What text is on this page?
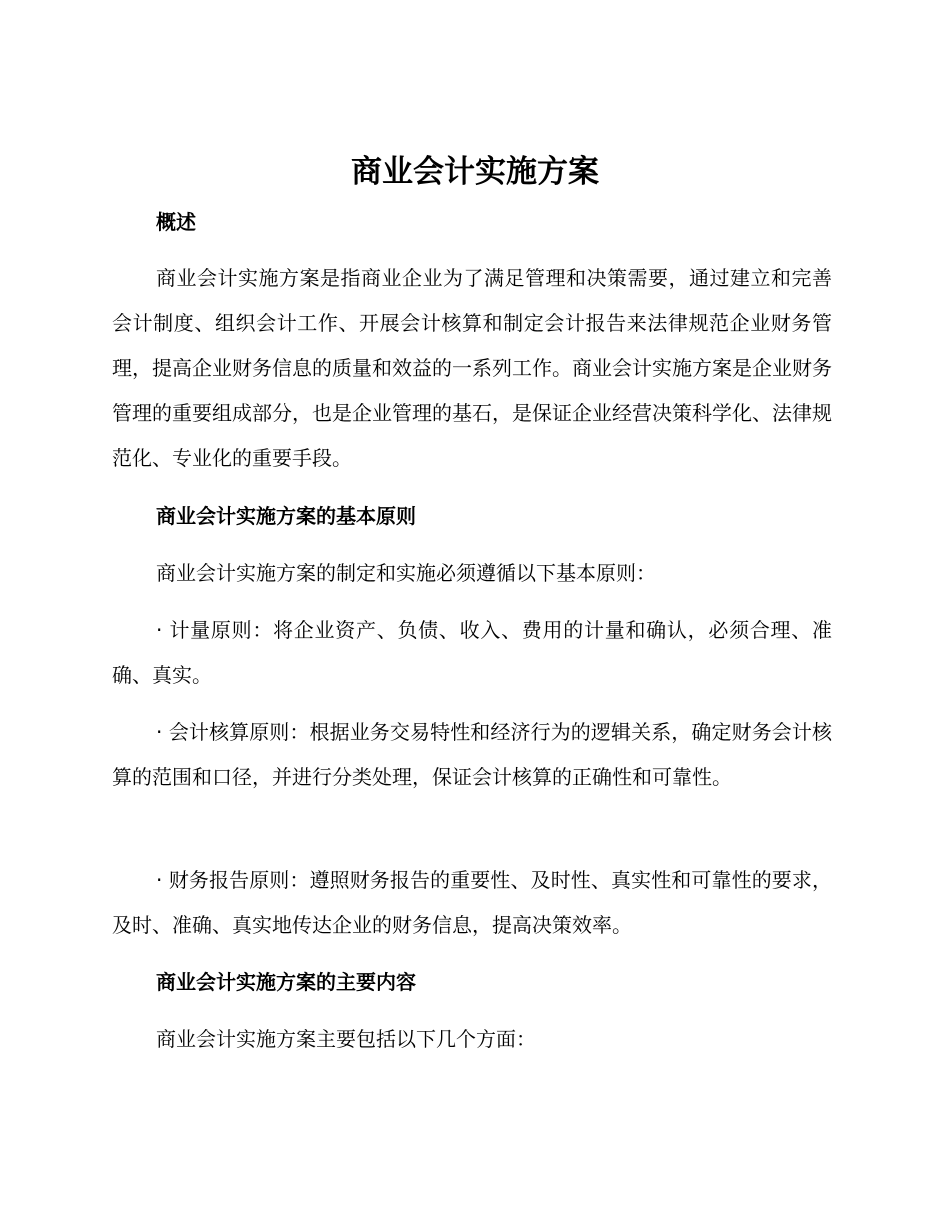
商业会计实施方案

概述

商业会计实施方案是指商业企业为了满足管理和决策需要，通过建立和完善会计制度、组织会计工作、开展会计核算和制定会计报告来法律规范企业财务管理，提高企业财务信息的质量和效益的一系列工作。商业会计实施方案是企业财务管理的重要组成部分，也是企业管理的基石，是保证企业经营决策科学化、法律规范化、专业化的重要手段。

商业会计实施方案的基本原则

商业会计实施方案的制定和实施必须遵循以下基本原则：

· 计量原则：将企业资产、负债、收入、费用的计量和确认，必须合理、准确、真实。

· 会计核算原则：根据业务交易特性和经济行为的逻辑关系，确定财务会计核算的范围和口径，并进行分类处理，保证会计核算的正确性和可靠性。

· 财务报告原则：遵照财务报告的重要性、及时性、真实性和可靠性的要求，及时、准确、真实地传达企业的财务信息，提高决策效率。

商业会计实施方案的主要内容

商业会计实施方案主要包括以下几个方面：
